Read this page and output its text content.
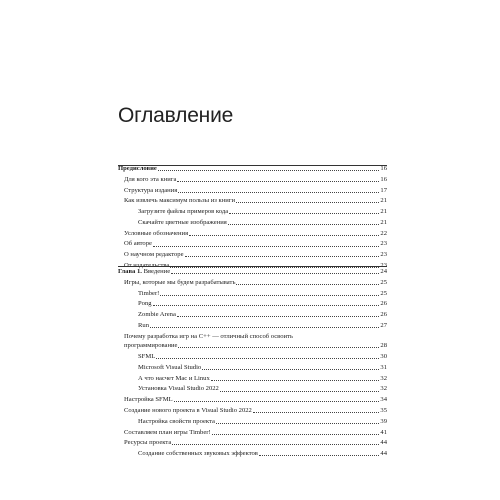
Оглавление
Предисловие	16
Для кого эта книга	16
Структура издания	17
Как извлечь максимум пользы из книги	21
Загрузите файлы примеров кода	21
Скачайте цветные изображения	21
Условные обозначения	22
Об авторе	23
О научном редакторе	23
От издательства	23
Глава 1. Введение	24
Игры, которые мы будем разрабатывать	25
Timber!	25
Pong	26
Zombie Arena	26
Run	27
Почему разработка игр на С++ — отличный способ освоить
программирование	28
SFML	30
Microsoft Visual Studio	31
А что насчет Mac и Linux	32
Установка Visual Studio 2022	32
Настройка SFML	34
Создание нового проекта в Visual Studio 2022	35
Настройка свойств проекта	39
Составляем план игры Timber!	41
Ресурсы проекта	44
Создание собственных звуковых эффектов	44
